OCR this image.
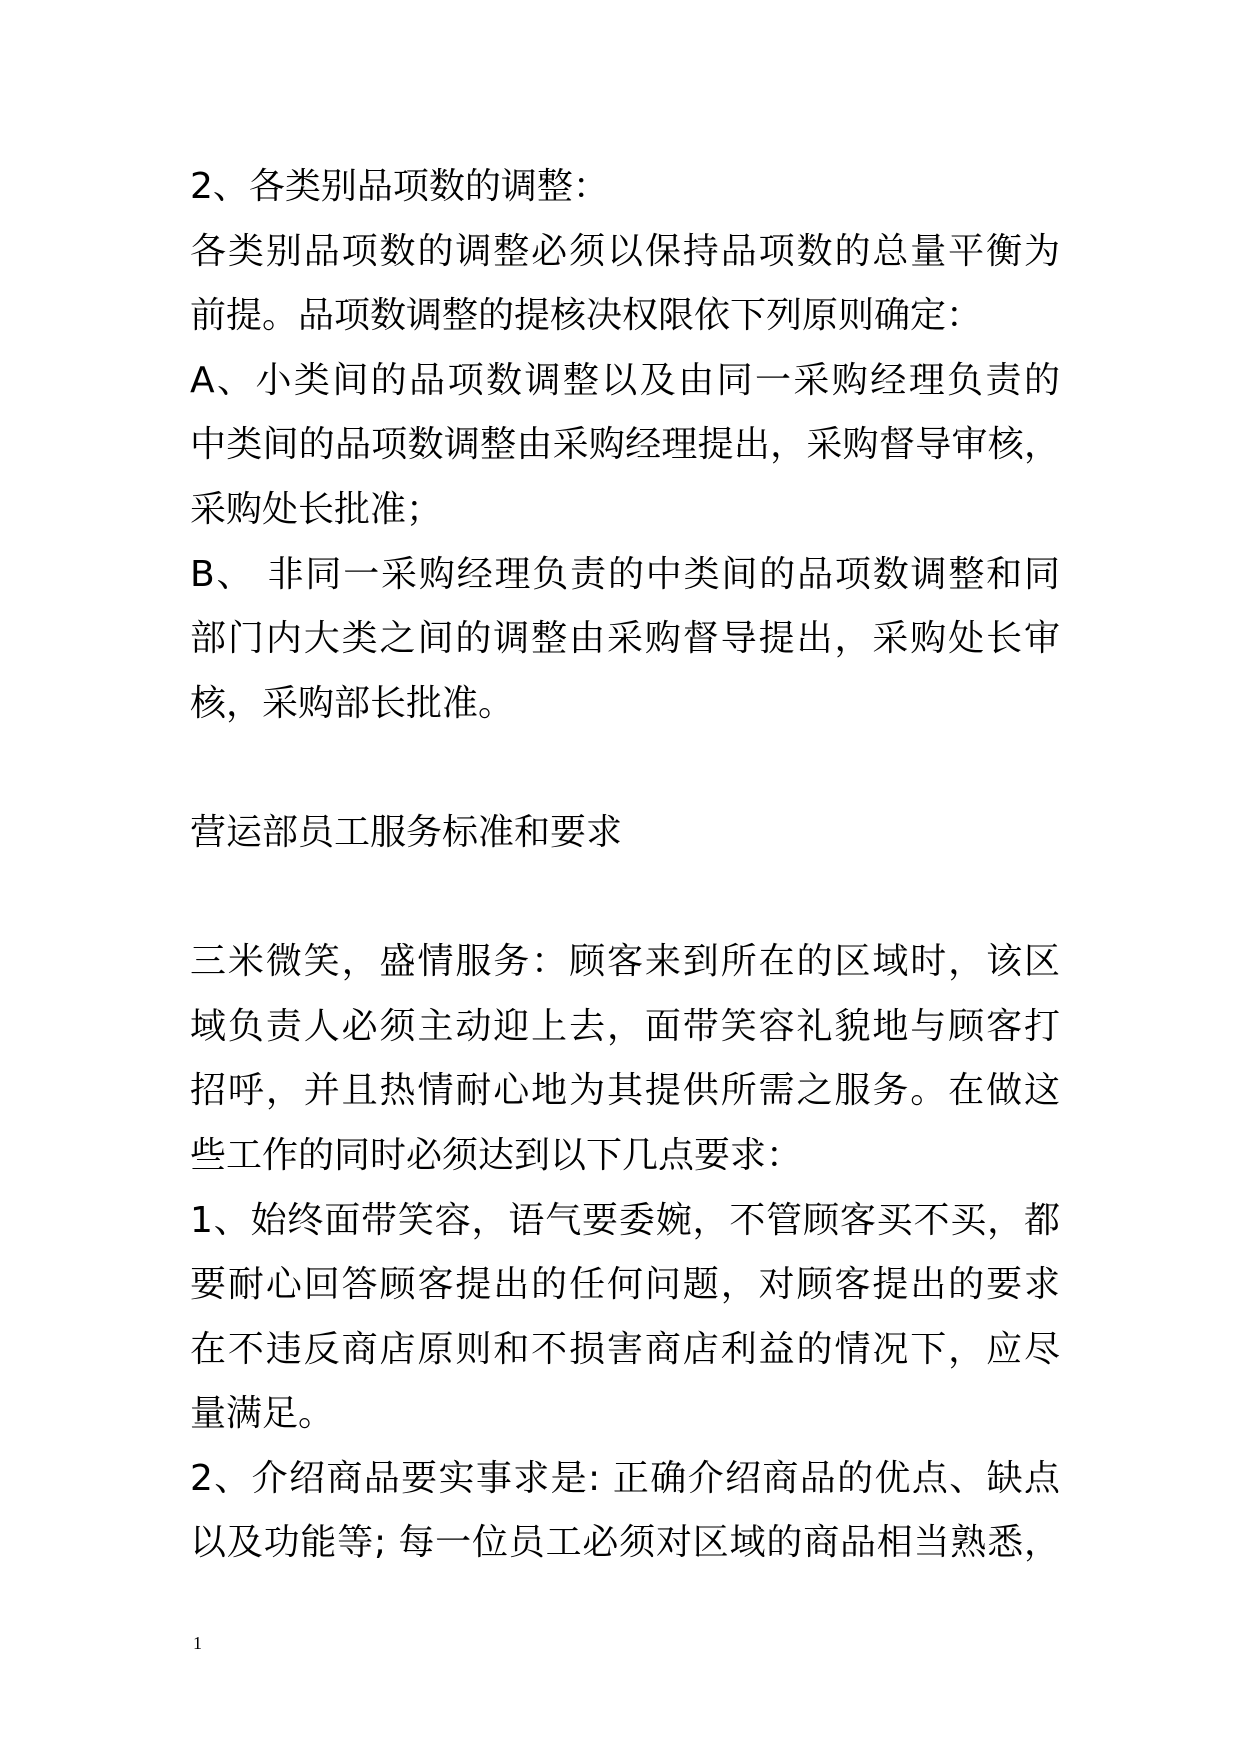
2、各类别品项数的调整：
各类别品项数的调整必须以保持品项数的总量平衡为
前提。品项数调整的提核决权限依下列原则确定：
A、小类间的品项数调整以及由同一采购经理负责的
中类间的品项数调整由采购经理提出，采购督导审核，
采购处长批准；
B、 非同一采购经理负责的中类间的品项数调整和同
部门内大类之间的调整由采购督导提出，采购处长审
核，采购部长批准。
营运部员工服务标准和要求
三米微笑，盛情服务：顾客来到所在的区域时，该区
域负责人必须主动迎上去，面带笑容礼貌地与顾客打
招呼，并且热情耐心地为其提供所需之服务。在做这
些工作的同时必须达到以下几点要求：
1、始终面带笑容，语气要委婉，不管顾客买不买，都
要耐心回答顾客提出的任何问题，对顾客提出的要求
在不违反商店原则和不损害商店利益的情况下，应尽
量满足。
2、介绍商品要实事求是: 正确介绍商品的优点、缺点
以及功能等; 每一位员工必须对区域的商品相当熟悉，
1
